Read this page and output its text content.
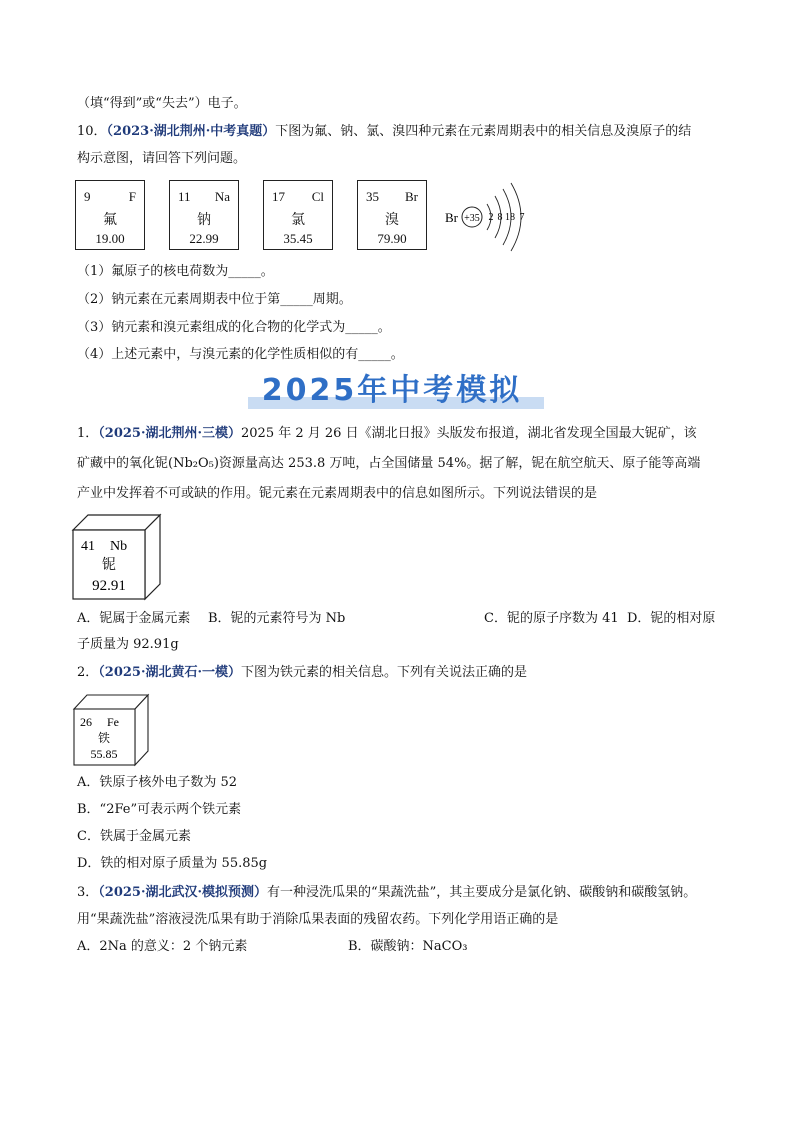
（填“得到”或“失去”）电子。
10．（2023·湖北荆州·中考真题）下图为氟、钠、氯、溴四种元素在元素周期表中的相关信息及溴原子的结
构示意图，请回答下列问题。
9	F
氟
19.00
11 Na
钠
22.99
17 Cl
氯
35.45
35 Br
溴
79.90
Br +35 2 8 18 7
（1）氟原子的核电荷数为_____。
（2）钠元素在元素周期表中位于第_____周期。
（3）钠元素和溴元素组成的化合物的化学式为_____。
（4）上述元素中，与溴元素的化学性质相似的有_____。
2025年中考模拟
1．（2025·湖北荆州·三模）2025 年 2 月 26 日《湖北日报》头版发布报道，湖北省发现全国最大铌矿，该
矿藏中的氧化铌(Nb₂O₅)资源量高达 253.8 万吨，占全国储量 54%。据了解，铌在航空航天、原子能等高端
产业中发挥着不可或缺的作用。铌元素在元素周期表中的信息如图所示。下列说法错误的是
41 Nb
铌
92.91
A．铌属于金属元素 B．铌的元素符号为 Nb	C．铌的原子序数为 41 D．铌的相对原
子质量为 92.91g
2．（2025·湖北黄石·一模）下图为铁元素的相关信息。下列有关说法正确的是
26 Fe
铁
55.85
A．铁原子核外电子数为 52
B．“2Fe”可表示两个铁元素
C．铁属于金属元素
D．铁的相对原子质量为 55.85g
3．（2025·湖北武汉·模拟预测）有一种浸洗瓜果的“果蔬洗盐”，其主要成分是氯化钠、碳酸钠和碳酸氢钠。
用“果蔬洗盐”溶液浸洗瓜果有助于消除瓜果表面的残留农药。下列化学用语正确的是
A．2Na 的意义：2 个钠元素	B．碳酸钠：NaCO₃
